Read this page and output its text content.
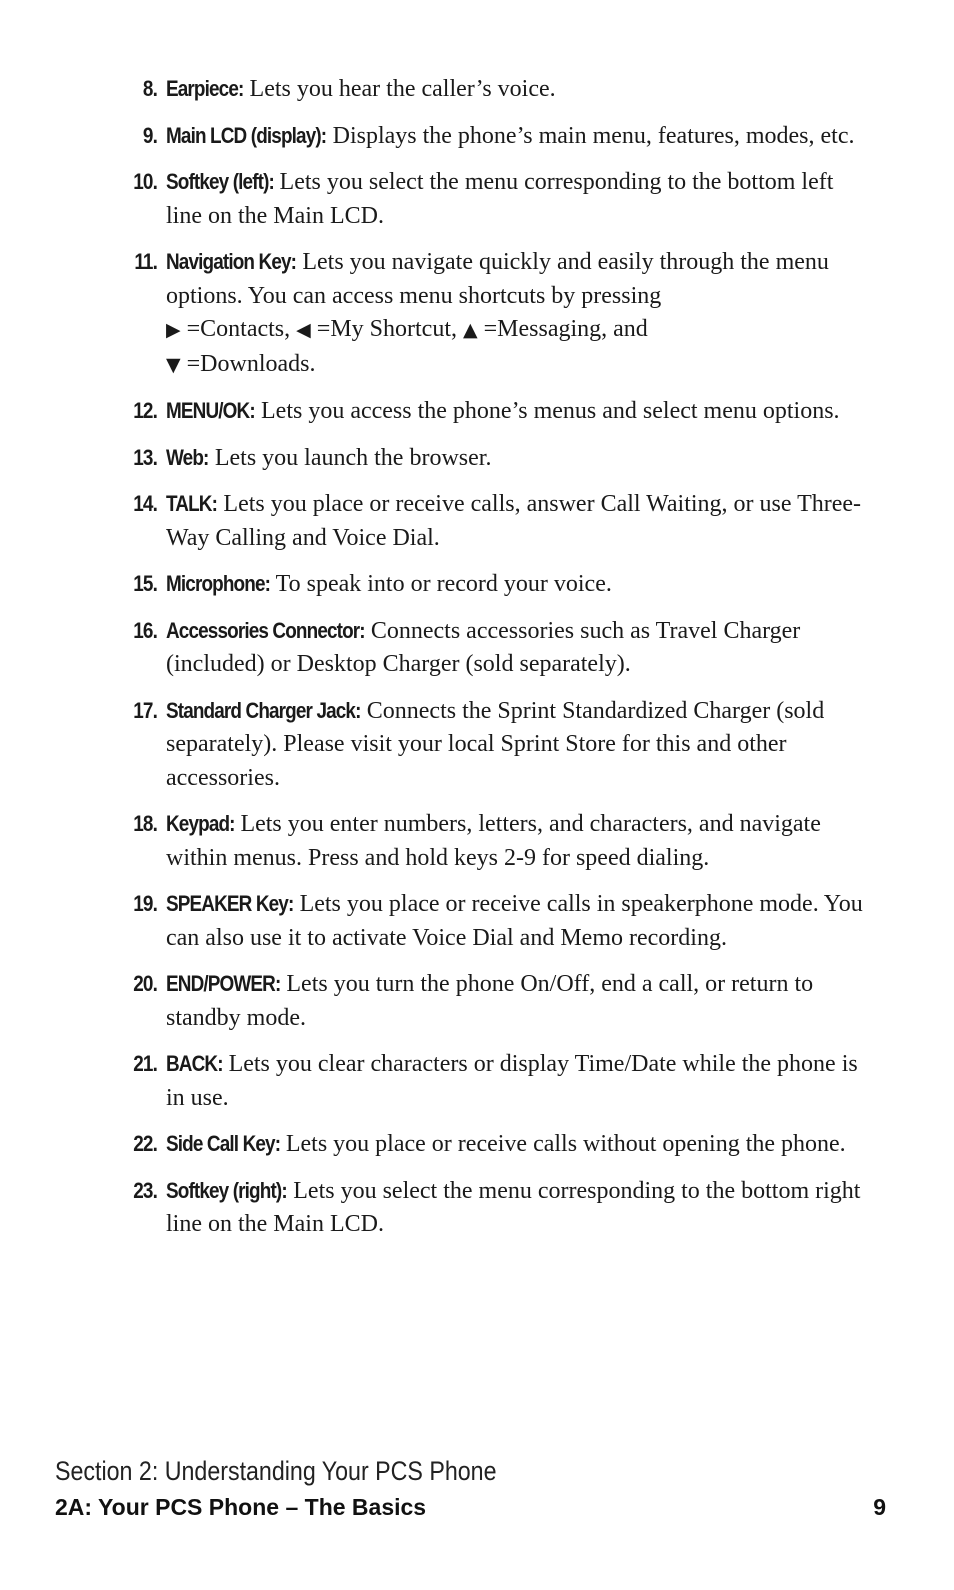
8. Earpiece: Lets you hear the caller’s voice.
9. Main LCD (display): Displays the phone’s main menu, features, modes, etc.
10. Softkey (left): Lets you select the menu corresponding to the bottom left line on the Main LCD.
11. Navigation Key: Lets you navigate quickly and easily through the menu options. You can access menu shortcuts by pressing
▶ =Contacts, ◀ =My Shortcut, ▲ =Messaging, and
▼ =Downloads.
12. MENU/OK: Lets you access the phone’s menus and select menu options.
13. Web: Lets you launch the browser.
14. TALK: Lets you place or receive calls, answer Call Waiting, or use Three-Way Calling and Voice Dial.
15. Microphone: To speak into or record your voice.
16. Accessories Connector: Connects accessories such as Travel Charger (included) or Desktop Charger (sold separately).
17. Standard Charger Jack: Connects the Sprint Standardized Charger (sold separately). Please visit your local Sprint Store for this and other accessories.
18. Keypad: Lets you enter numbers, letters, and characters, and navigate within menus. Press and hold keys 2-9 for speed dialing.
19. SPEAKER Key: Lets you place or receive calls in speakerphone mode. You can also use it to activate Voice Dial and Memo recording.
20. END/POWER: Lets you turn the phone On/Off, end a call, or return to standby mode.
21. BACK: Lets you clear characters or display Time/Date while the phone is in use.
22. Side Call Key: Lets you place or receive calls without opening the phone.
23. Softkey (right): Lets you select the menu corresponding to the bottom right line on the Main LCD.
Section 2: Understanding Your PCS Phone
2A: Your PCS Phone – The Basics	9
